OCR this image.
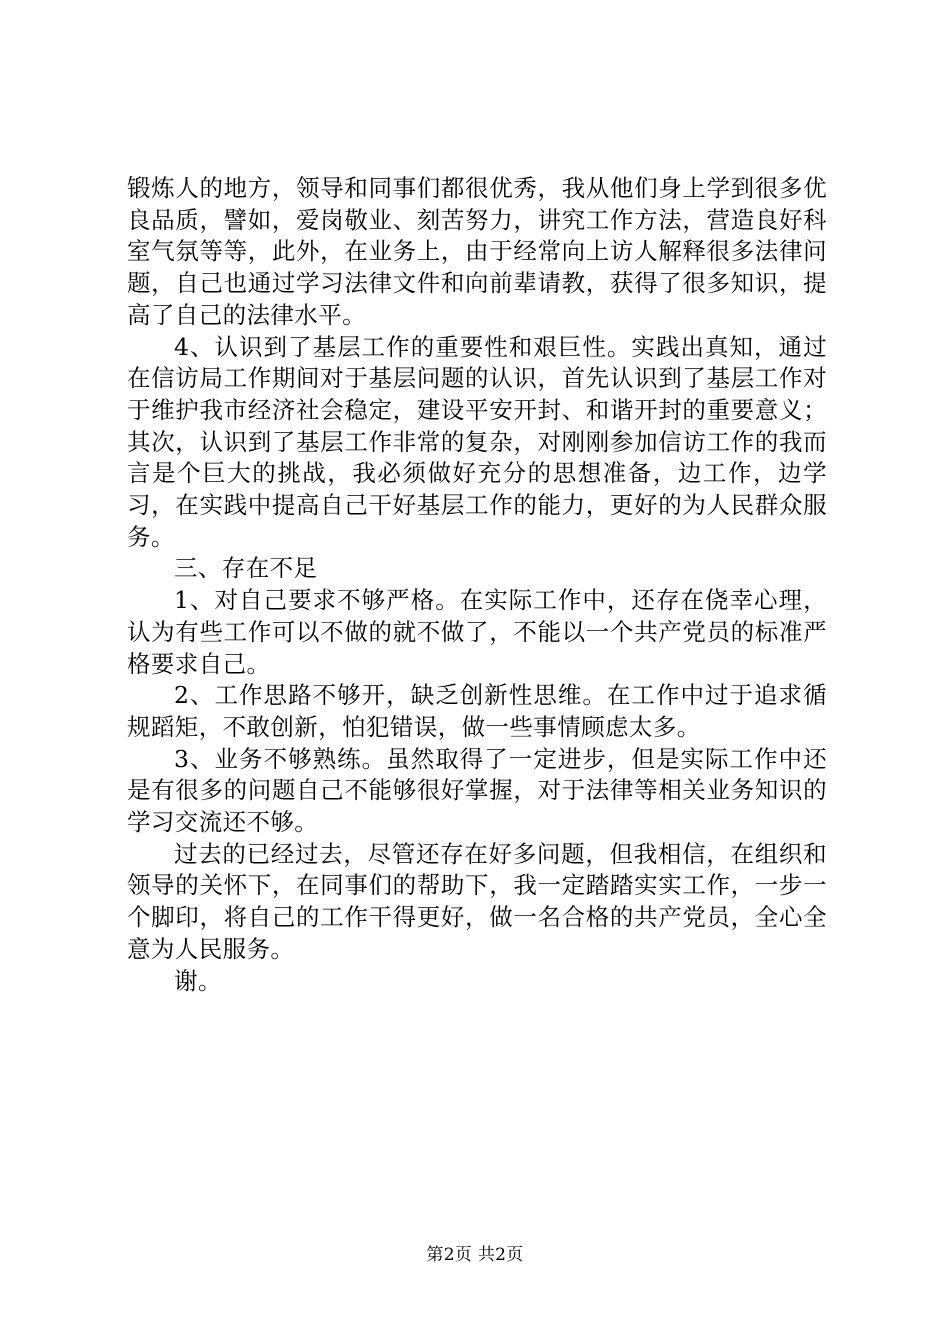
锻炼人的地方，领导和同事们都很优秀，我从他们身上学到很多优良品质，譬如，爱岗敬业、刻苦努力，讲究工作方法，营造良好科室气氛等等，此外，在业务上，由于经常向上访人解释很多法律问题，自己也通过学习法律文件和向前辈请教，获得了很多知识，提高了自己的法律水平。

4、认识到了基层工作的重要性和艰巨性。实践出真知，通过在信访局工作期间对于基层问题的认识，首先认识到了基层工作对于维护我市经济社会稳定，建设平安开封、和谐开封的重要意义；其次，认识到了基层工作非常的复杂，对刚刚参加信访工作的我而言是个巨大的挑战，我必须做好充分的思想准备，边工作，边学习，在实践中提高自己干好基层工作的能力，更好的为人民群众服务。

三、存在不足

1、对自己要求不够严格。在实际工作中，还存在侥幸心理，认为有些工作可以不做的就不做了，不能以一个共产党员的标准严格要求自己。

2、工作思路不够开，缺乏创新性思维。在工作中过于追求循规蹈矩，不敢创新，怕犯错误，做一些事情顾虑太多。

3、业务不够熟练。虽然取得了一定进步，但是实际工作中还是有很多的问题自己不能够很好掌握，对于法律等相关业务知识的学习交流还不够。

过去的已经过去，尽管还存在好多问题，但我相信，在组织和领导的关怀下，在同事们的帮助下，我一定踏踏实实工作，一步一个脚印，将自己的工作干得更好，做一名合格的共产党员，全心全意为人民服务。

谢。

第2页 共2页
